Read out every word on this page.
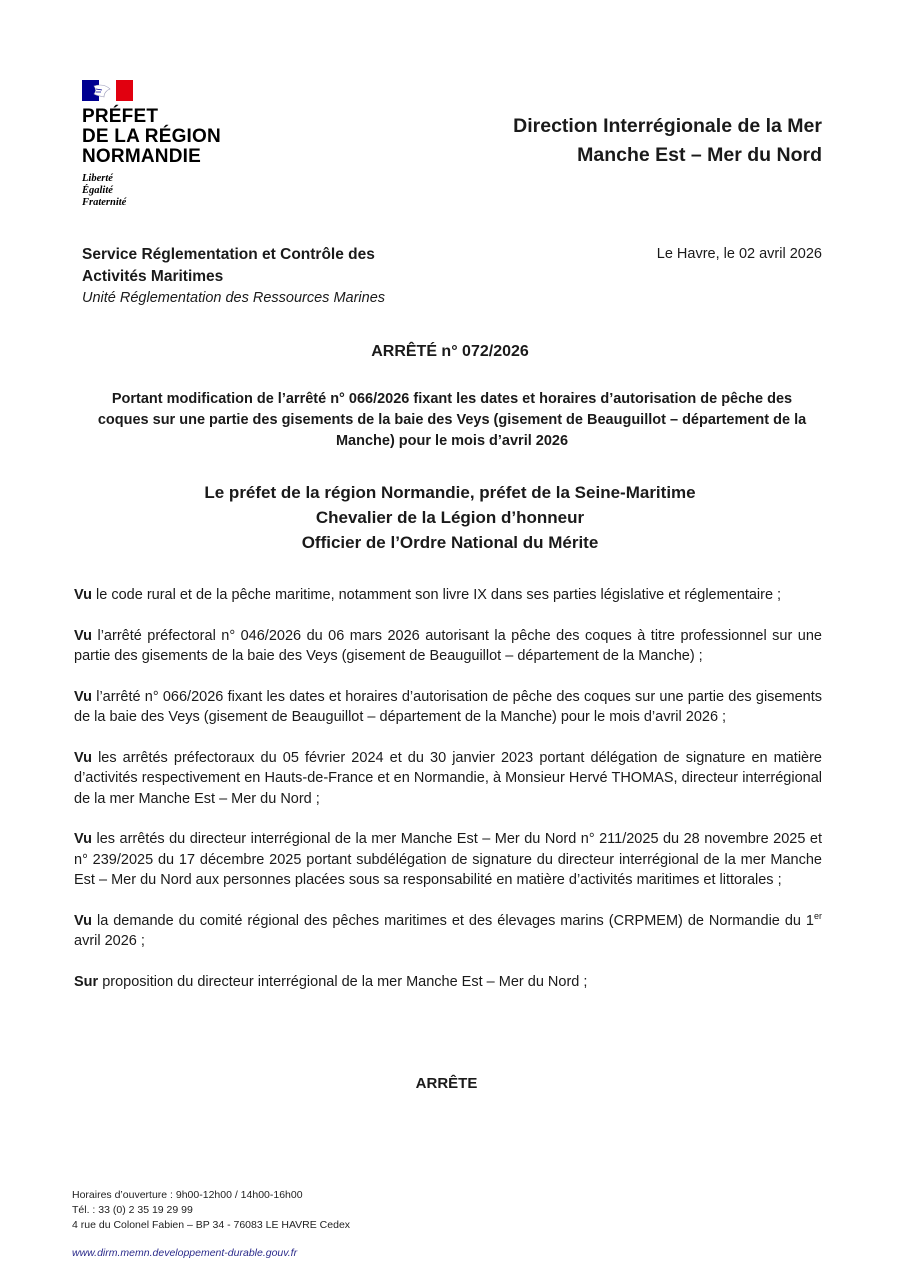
PRÉFET
DE LA RÉGION
NORMANDIE
Liberté
Égalité
Fraternité
Direction Interrégionale de la Mer
Manche Est – Mer du Nord
Service Réglementation et Contrôle des
Activités Maritimes
Unité Réglementation des Ressources Marines
Le Havre, le 02 avril 2026
ARRÊTÉ n° 072/2026
Portant modification de l’arrêté n° 066/2026 fixant les dates et horaires d’autorisation de pêche des
coques sur une partie des gisements de la baie des Veys (gisement de Beauguillot – département de la
Manche) pour le mois d’avril 2026
Le préfet de la région Normandie, préfet de la Seine-Maritime
Chevalier de la Légion d’honneur
Officier de l’Ordre National du Mérite

Vu le code rural et de la pêche maritime, notamment son livre IX dans ses parties législative et réglementaire ;

Vu l’arrêté préfectoral n° 046/2026 du 06 mars 2026 autorisant la pêche des coques à titre professionnel sur une partie des gisements de la baie des Veys (gisement de Beauguillot – département de la Manche) ;

Vu l’arrêté n° 066/2026 fixant les dates et horaires d’autorisation de pêche des coques sur une partie des gisements de la baie des Veys (gisement de Beauguillot – département de la Manche) pour le mois d’avril 2026 ;

Vu les arrêtés préfectoraux du 05 février 2024 et du 30 janvier 2023 portant délégation de signature en matière d’activités respectivement en Hauts-de-France et en Normandie, à Monsieur Hervé THOMAS, directeur interrégional de la mer Manche Est – Mer du Nord ;

Vu les arrêtés du directeur interrégional de la mer Manche Est – Mer du Nord n° 211/2025 du 28 novembre 2025 et n° 239/2025 du 17 décembre 2025 portant subdélégation de signature du directeur interrégional de la mer Manche Est – Mer du Nord aux personnes placées sous sa responsabilité en matière d’activités maritimes et littorales ;

Vu la demande du comité régional des pêches maritimes et des élevages marins (CRPMEM) de Normandie du 1er avril 2026 ;

Sur proposition du directeur interrégional de la mer Manche Est – Mer du Nord ;

ARRÊTE
Horaires d’ouverture : 9h00-12h00 / 14h00-16h00
Tél. : 33 (0) 2 35 19 29 99
4 rue du Colonel Fabien – BP 34 - 76083 LE HAVRE Cedex
www.dirm.memn.developpement-durable.gouv.fr
